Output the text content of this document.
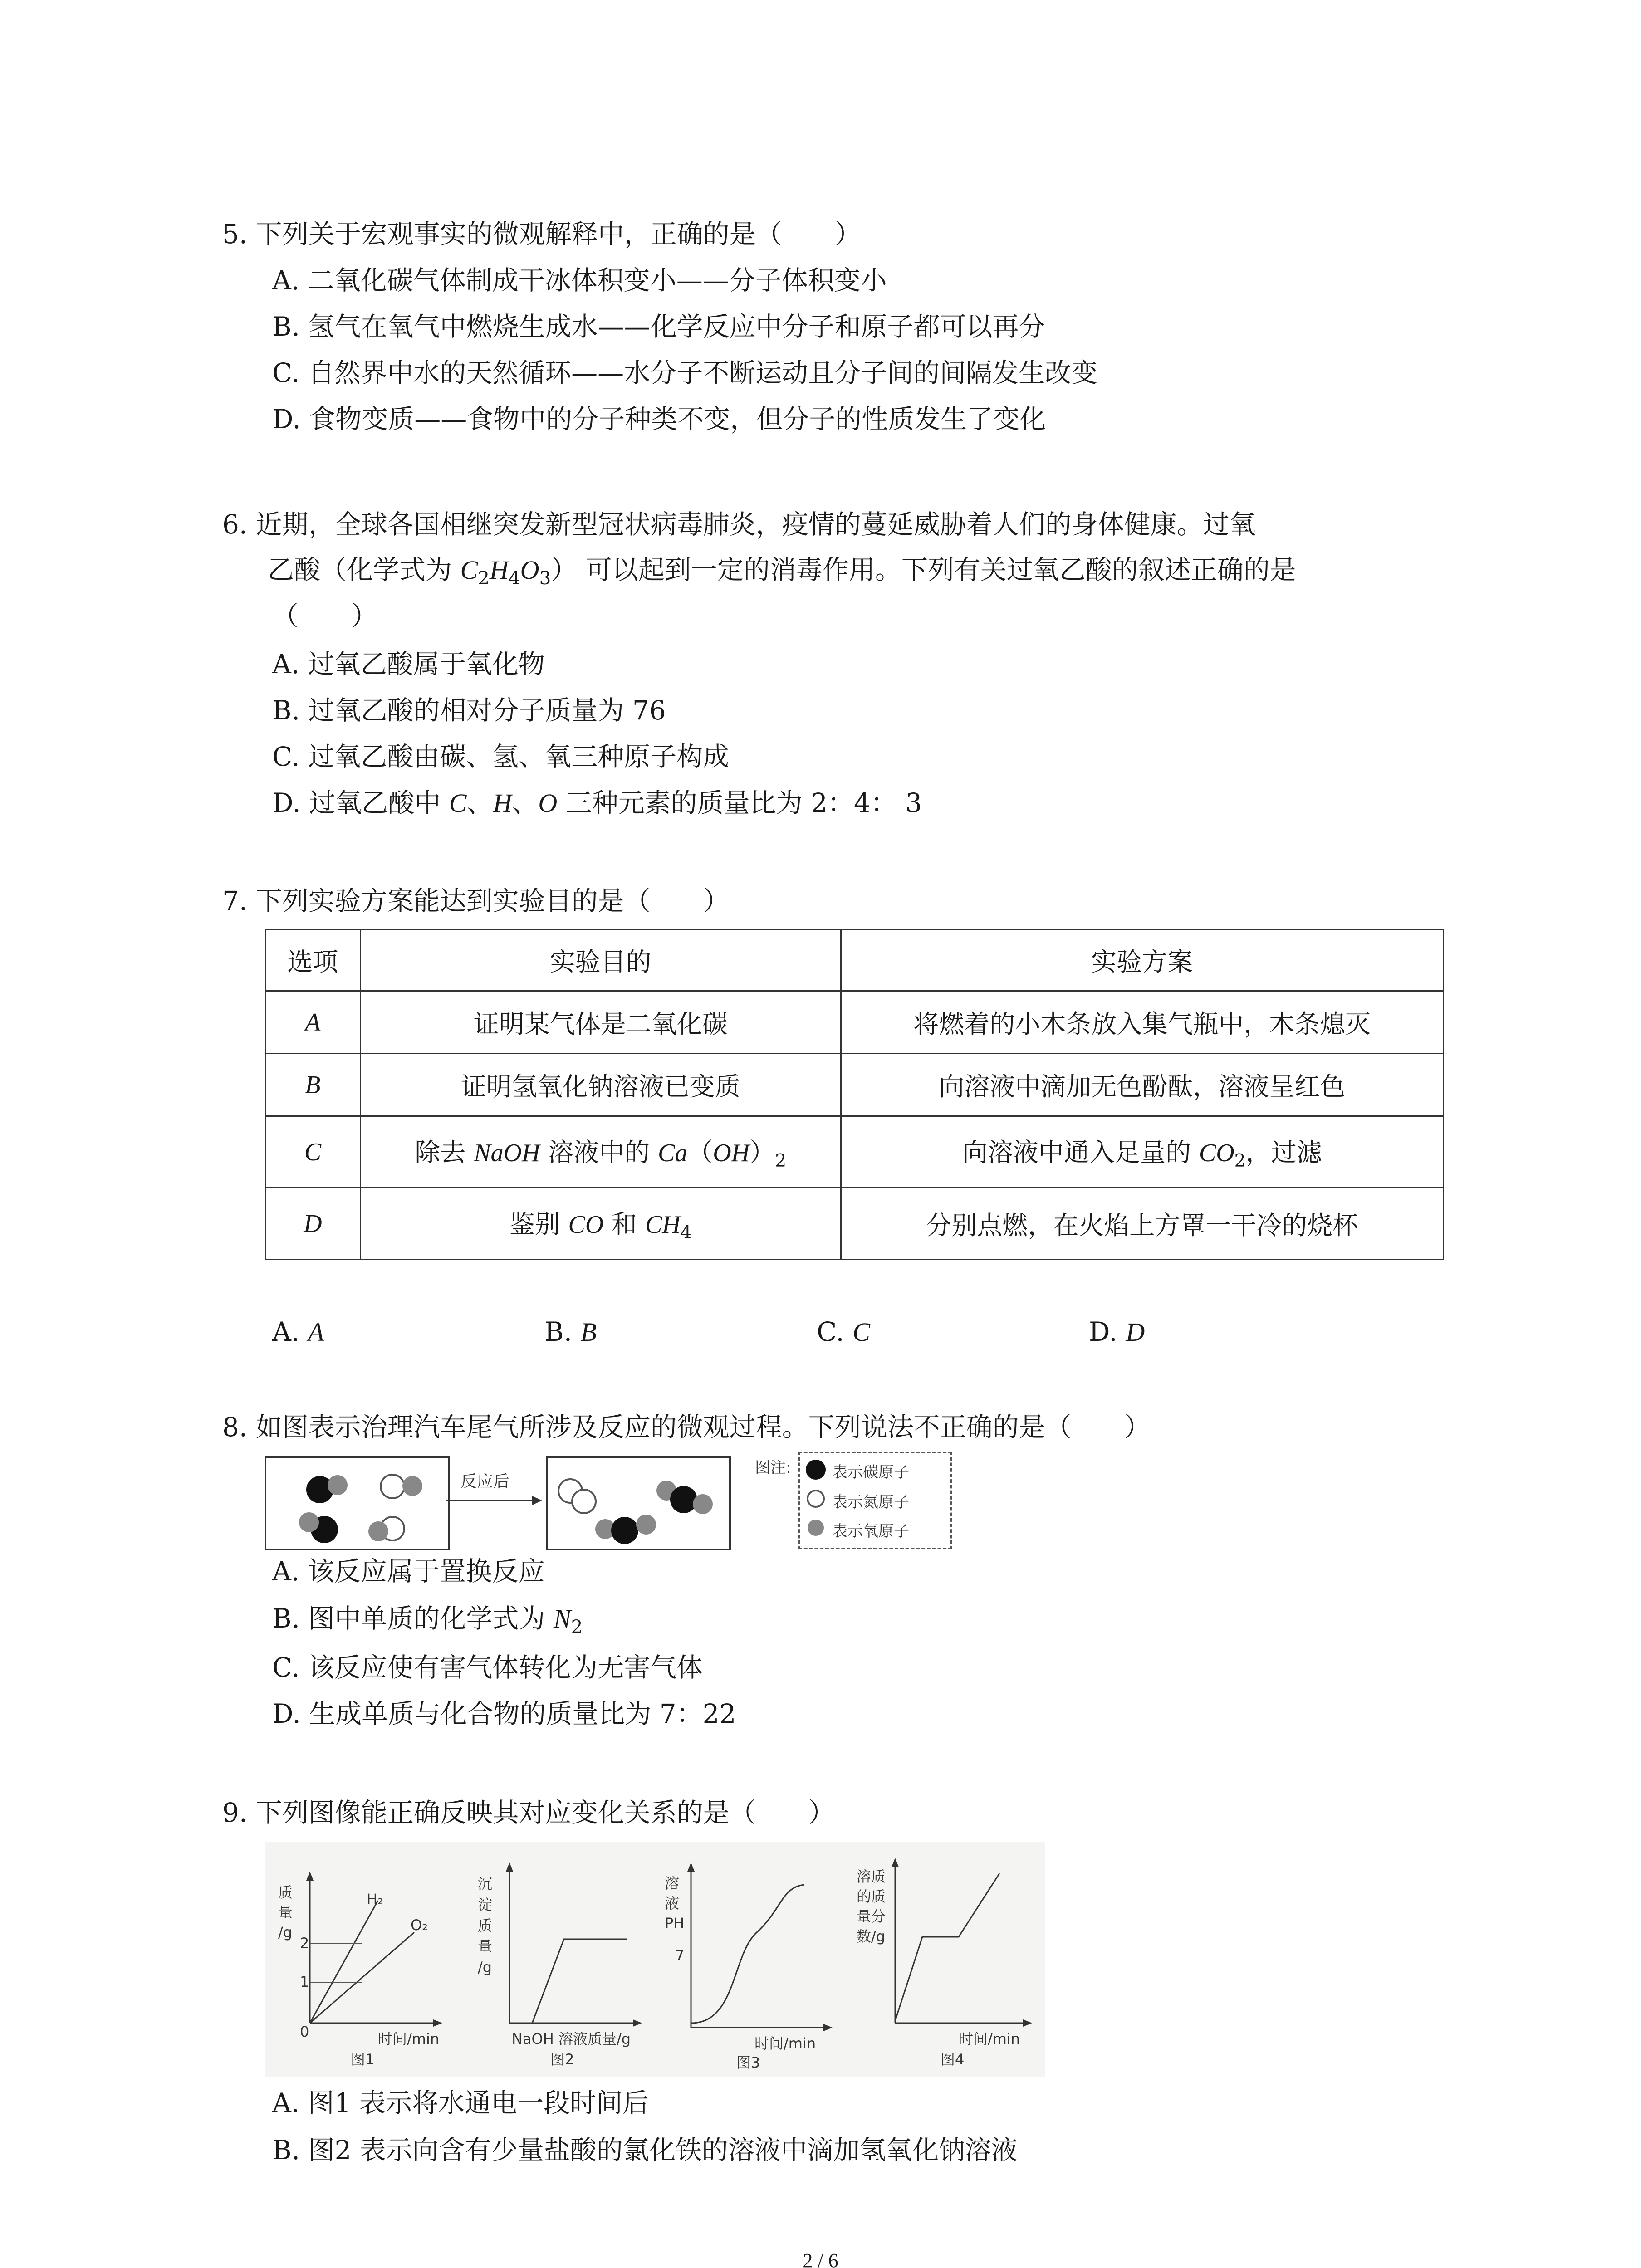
5. 下列关于宏观事实的微观解释中，正确的是（　　）
A. 二氧化碳气体制成干冰体积变小——分子体积变小
B. 氢气在氧气中燃烧生成水——化学反应中分子和原子都可以再分
C. 自然界中水的天然循环——水分子不断运动且分子间的间隔发生改变
D. 食物变质——食物中的分子种类不变，但分子的性质发生了变化
6. 近期，全球各国相继突发新型冠状病毒肺炎，疫情的蔓延威胁着人们的身体健康。过氧
乙酸（化学式为 $C_2H_4O_3$） 可以起到一定的消毒作用。下列有关过氧乙酸的叙述正确的是
（　　）
A. 过氧乙酸属于氧化物
B. 过氧乙酸的相对分子质量为 76
C. 过氧乙酸由碳、氢、氧三种原子构成
D. 过氧乙酸中 C、H、O 三种元素的质量比为 2：4： 3
7. 下列实验方案能达到实验目的是（　　）
选项	实验目的	实验方案
A	证明某气体是二氧化碳	将燃着的小木条放入集气瓶中，木条熄灭
B	证明氢氧化钠溶液已变质	向溶液中滴加无色酚酞，溶液呈红色
C	除去 NaOH 溶液中的 $Ca(OH)_2$	向溶液中通入足量的 $CO_2$，过滤
D	鉴别 CO 和 $CH_4$	分别点燃，在火焰上方罩一干冷的烧杯
A. A	B. B	C. C	D. D
8. 如图表示治理汽车尾气所涉及反应的微观过程。下列说法不正确的是（　　）
反应后
图注:	表示碳原子
表示氮原子
表示氧原子
A. 该反应属于置换反应
B. 图中单质的化学式为 $N_2$
C. 该反应使有害气体转化为无害气体
D. 生成单质与化合物的质量比为 7：22
9. 下列图像能正确反映其对应变化关系的是（　　）
质
量
/g
2
1
0
H₂
O₂
时间/min
图1
沉
淀
质
量
/g
NaOH 溶液质量/g
图2
溶
液
PH
7
时间/min
图3
溶质
的质
量分
数/g
时间/min
图4
A. 图1 表示将水通电一段时间后
B. 图2 表示向含有少量盐酸的氯化铁的溶液中滴加氢氧化钠溶液
2 / 6
